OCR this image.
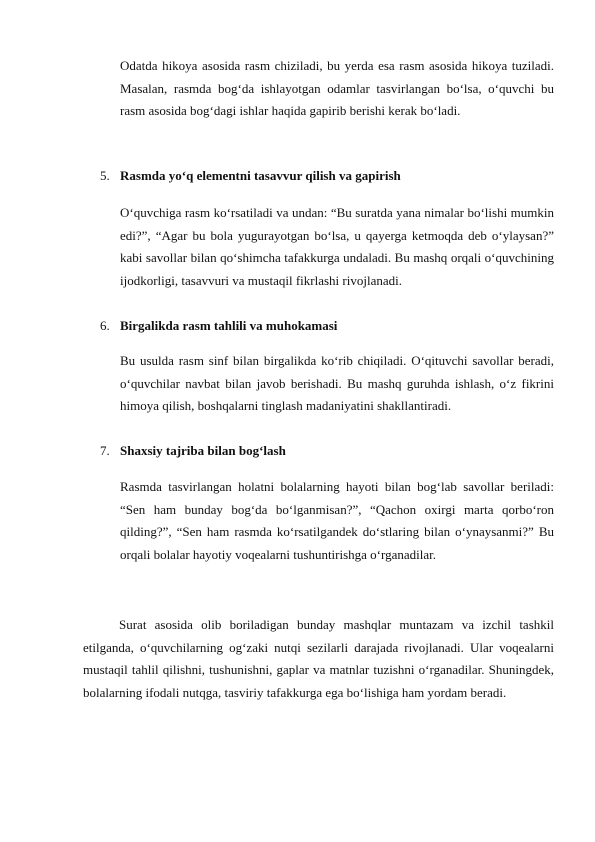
Odatda hikoya asosida rasm chiziladi, bu yerda esa rasm asosida hikoya tuziladi. Masalan, rasmda bog‘da ishlayotgan odamlar tasvirlangan bo‘lsa, o‘quvchi bu rasm asosida bog‘dagi ishlar haqida gapirib berishi kerak bo‘ladi.

5. Rasmda yo‘q elementni tasavvur qilish va gapirish

O‘quvchiga rasm ko‘rsatiladi va undan: “Bu suratda yana nimalar bo‘lishi mumkin edi?”, “Agar bu bola yugurayotgan bo‘lsa, u qayerga ketmoqda deb o‘ylaysan?” kabi savollar bilan qo‘shimcha tafakkurga undaladi. Bu mashq orqali o‘quvchining ijodkorligi, tasavvuri va mustaqil fikrlashi rivojlanadi.

6. Birgalikda rasm tahlili va muhokamasi

Bu usulda rasm sinf bilan birgalikda ko‘rib chiqiladi. O‘qituvchi savollar beradi, o‘quvchilar navbat bilan javob berishadi. Bu mashq guruhda ishlash, o‘z fikrini himoya qilish, boshqalarni tinglash madaniyatini shakllantiradi.

7. Shaxsiy tajriba bilan bog‘lash

Rasmda tasvirlangan holatni bolalarning hayoti bilan bog‘lab savollar beriladi: “Sen ham bunday bog‘da bo‘lganmisan?”, “Qachon oxirgi marta qorbo‘ron qilding?”, “Sen ham rasmda ko‘rsatilgandek do‘stlaring bilan o‘ynaysanmi?” Bu orqali bolalar hayotiy voqealarni tushuntirishga o‘rganadilar.

Surat asosida olib boriladigan bunday mashqlar muntazam va izchil tashkil etilganda, o‘quvchilarning og‘zaki nutqi sezilarli darajada rivojlanadi. Ular voqealarni mustaqil tahlil qilishni, tushunishni, gaplar va matnlar tuzishni o‘rganadilar. Shuningdek, bolalarning ifodali nutqga, tasviriy tafakkurga ega bo‘lishiga ham yordam beradi.
